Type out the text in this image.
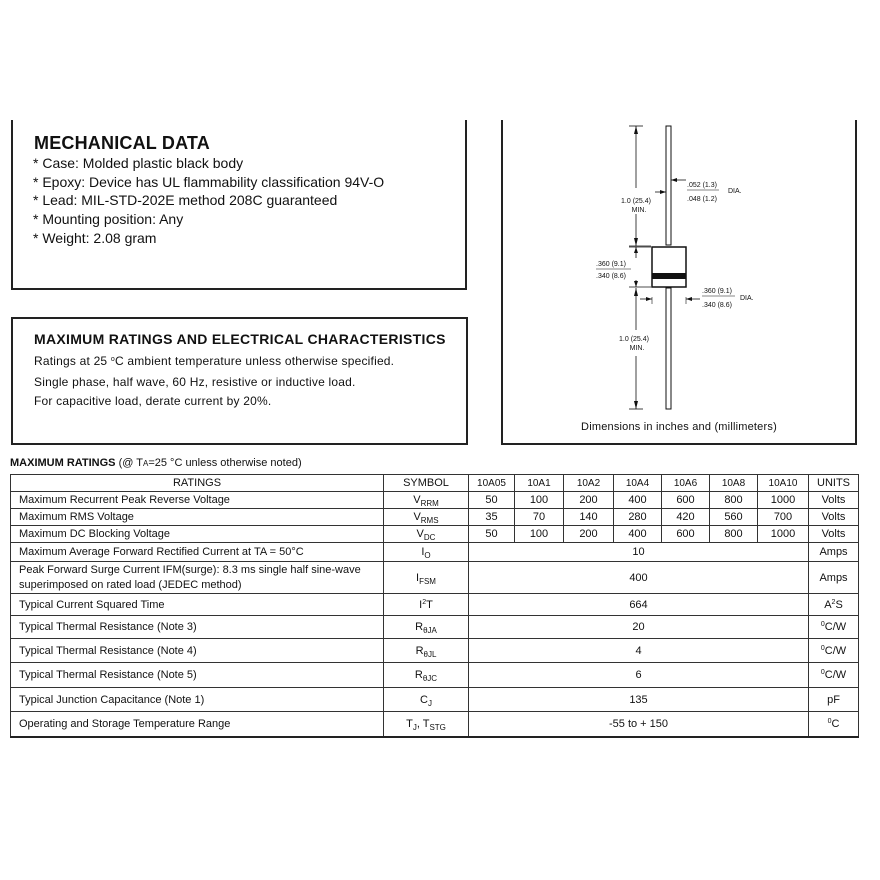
MECHANICAL DATA
* Case: Molded plastic black body
* Epoxy: Device has UL flammability classification 94V-O
* Lead: MIL-STD-202E method 208C guaranteed
* Mounting position: Any
* Weight: 2.08 gram
MAXIMUM RATINGS AND ELECTRICAL CHARACTERISTICS
Ratings at 25 $^o$C ambient temperature unless otherwise specified.
Single phase, half wave, 60 Hz, resistive or inductive load.
For capacitive load, derate current by 20%.
1.0 (25.4)
MIN.
.052 (1.3)
.048 (1.2)
DIA.
.360 (9.1)
.340 (8.6)
.360 (9.1)
.340 (8.6)
DIA.
1.0 (25.4)
MIN.
Dimensions in inches and (millimeters)
MAXIMUM RATINGS (@ TA=25 °C unless otherwise noted)
RATINGS	SYMBOL	10A05	10A1	10A2	10A4	10A6	10A8	10A10	UNITS
Maximum Recurrent Peak Reverse Voltage	$V_{RRM}$	50	100	200	400	600	800	1000	Volts
Maximum RMS Voltage	$V_{RMS}$	35	70	140	280	420	560	700	Volts
Maximum DC Blocking Voltage	$V_{DC}$	50	100	200	400	600	800	1000	Volts
Maximum Average Forward Rectified Current at TA = 50°C	$I_O$	10							Amps

Peak Forward Surge Current IFM(surge): 8.3 ms single half sine-wave
superimposed on rated load (JEDEC method)	$I_{FSM}$	400							Amps
Typical Current Squared Time	$I^2T$	664							$A^2S$
Typical Thermal Resistance (Note 3)	$R_{\theta JA}$	20							$^0$C/W
Typical Thermal Resistance (Note 4)	$R_{\theta JL}$	4							$^0$C/W
Typical Thermal Resistance (Note 5)	$R_{\theta JC}$	6							$^0$C/W
Typical Junction Capacitance (Note 1)	$C_J$	135							pF
Operating and Storage Temperature Range	$T_J$, $T_{STG}$	-55 to + 150							$^0$C
